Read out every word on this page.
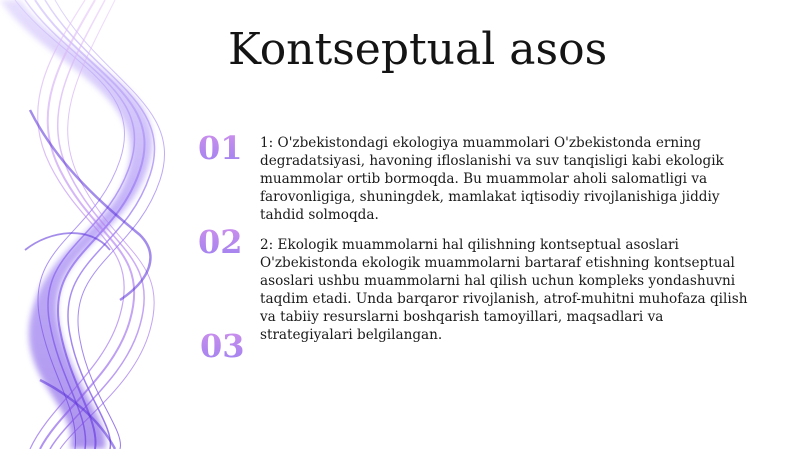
Kontseptual asos
01
02
03

1: O'zbekistondagi ekologiya muammolari O'zbekistonda erning degradatsiyasi, havoning ifloslanishi va suv tanqisligi kabi ekologik muammolar ortib bormoqda. Bu muammolar aholi salomatligi va farovonligiga, shuningdek, mamlakat iqtisodiy rivojlanishiga jiddiy tahdid solmoqda.

2: Ekologik muammolarni hal qilishning kontseptual asoslari O'zbekistonda ekologik muammolarni bartaraf etishning kontseptual asoslari ushbu muammolarni hal qilish uchun kompleks yondashuvni taqdim etadi. Unda barqaror rivojlanish, atrof-muhitni muhofaza qilish va tabiiy resurslarni boshqarish tamoyillari, maqsadlari va strategiyalari belgilangan.
